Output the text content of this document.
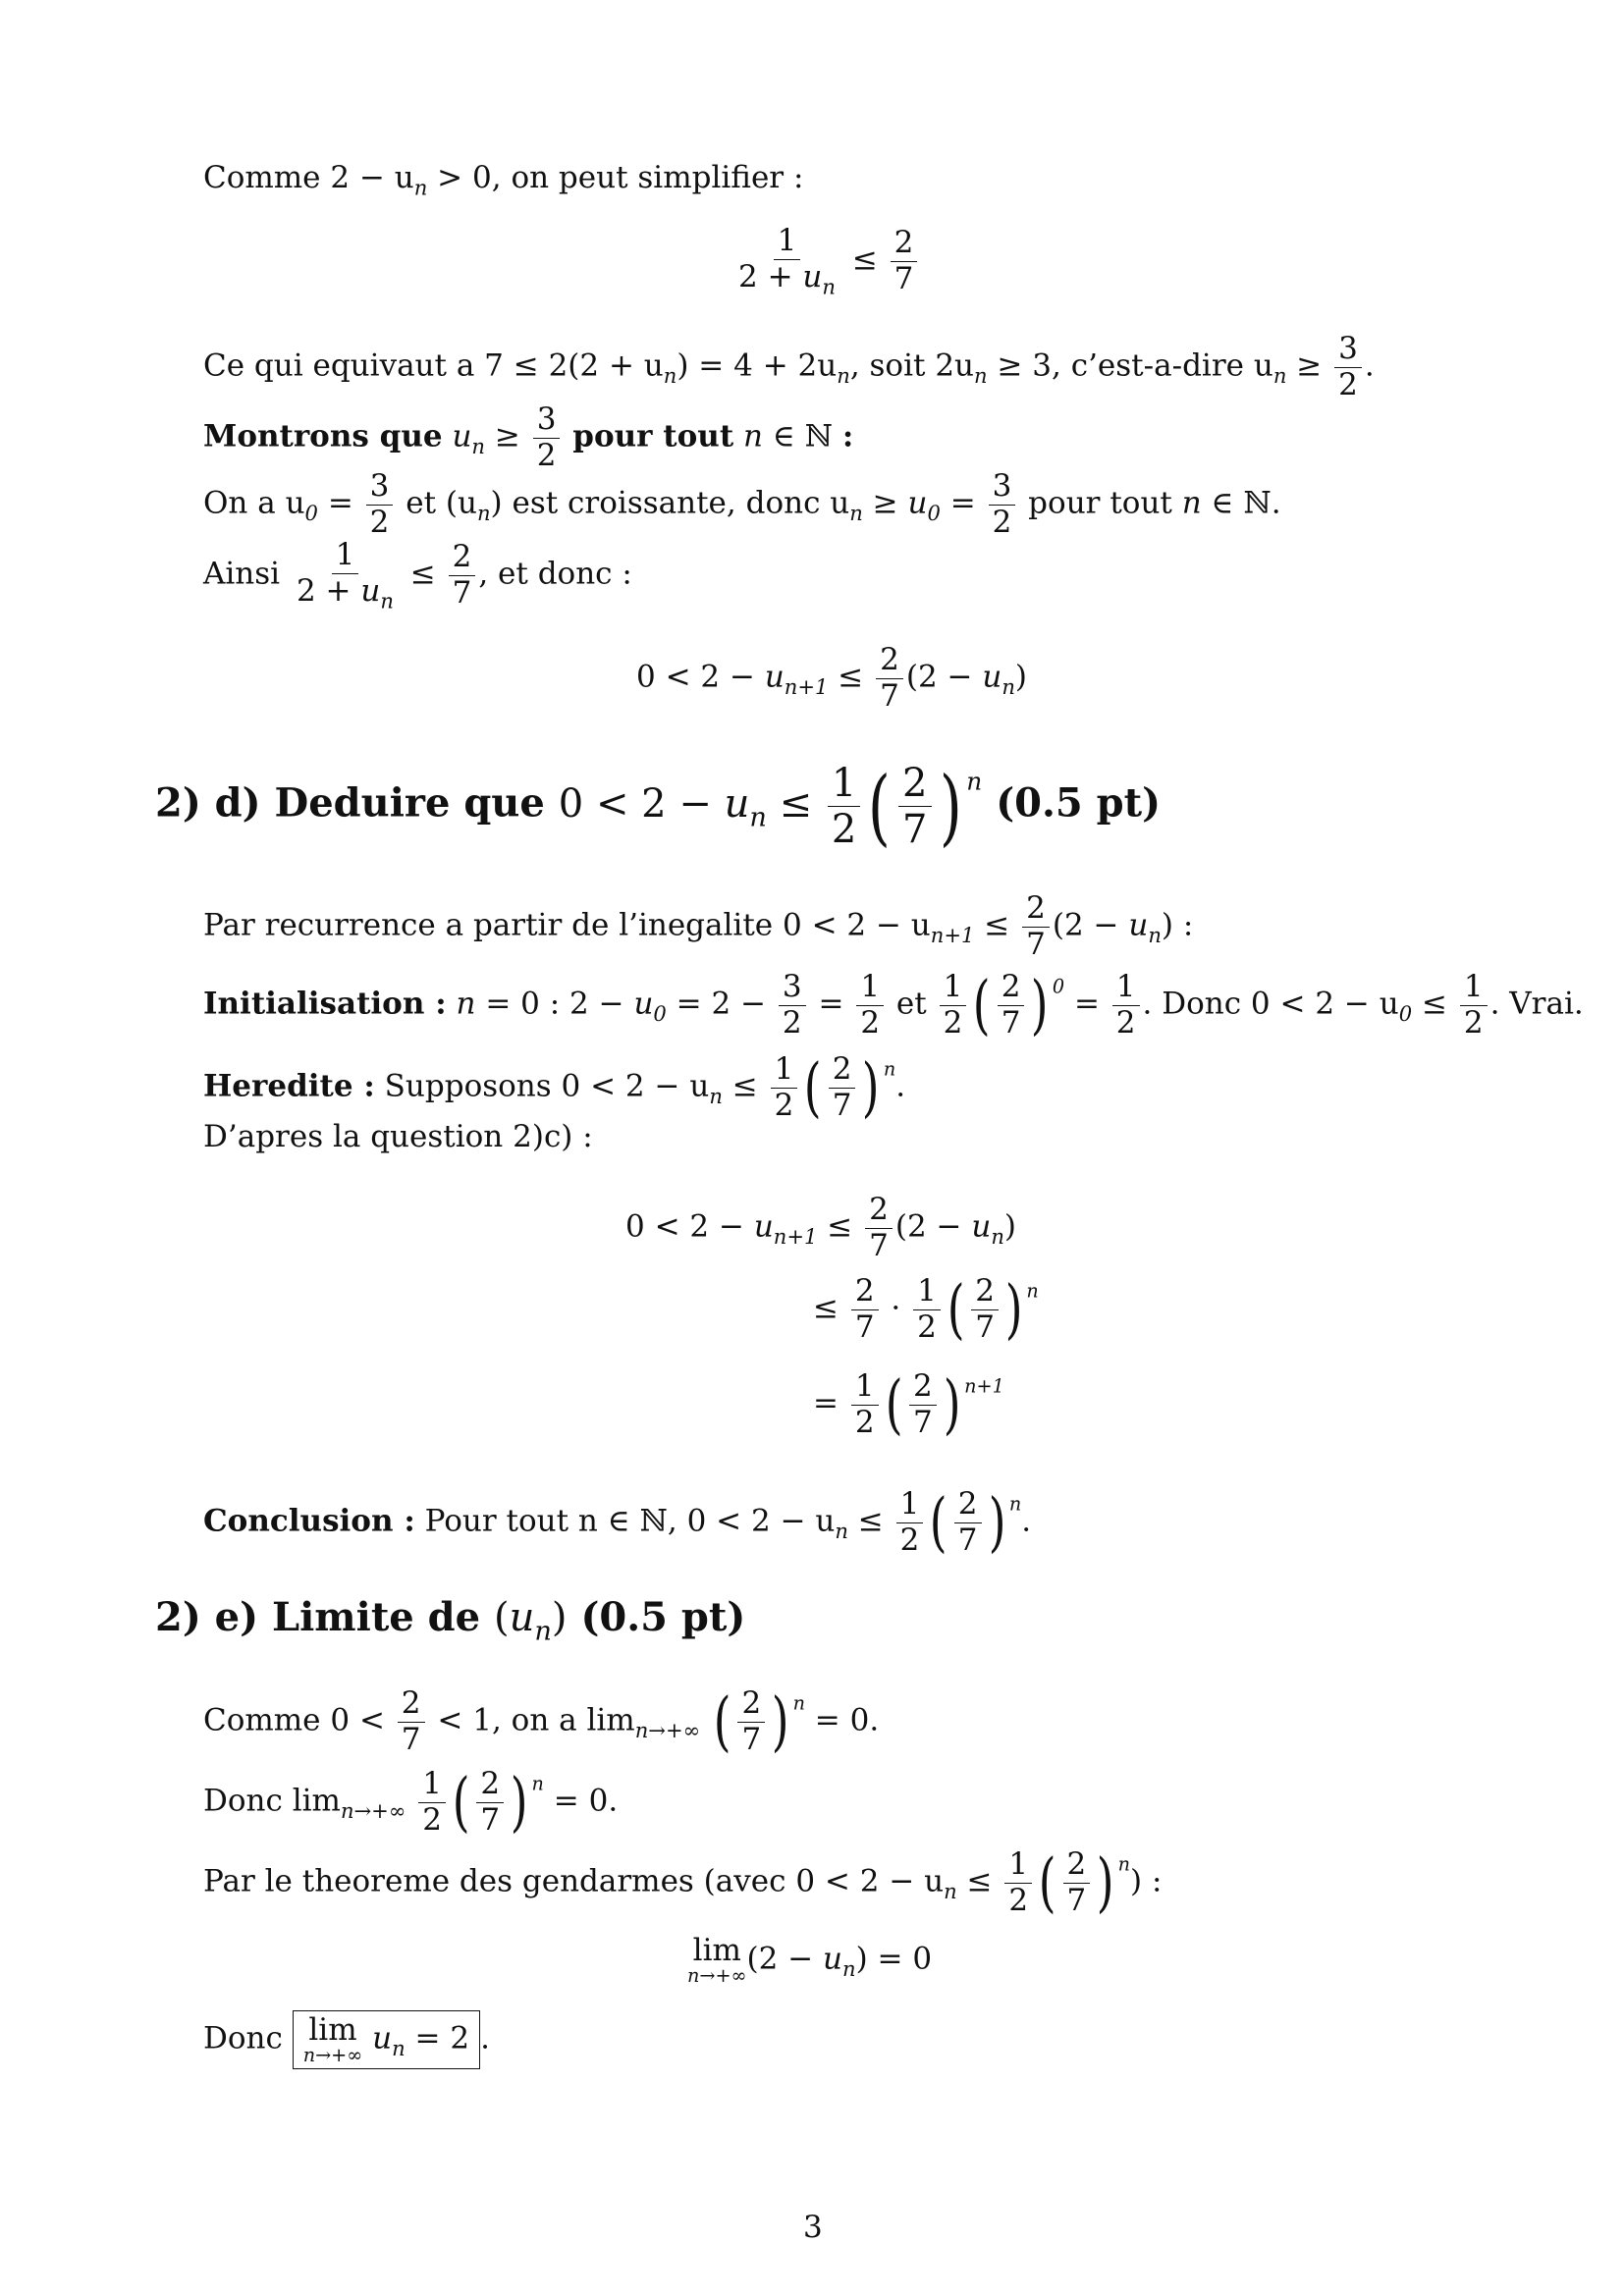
Comme $2 - u_n > 0$, on peut simplifier :
$\frac{1}{2 + u_n} \le \frac{2}{7}$
Ce qui equivaut a $7 \le 2(2 + u_n) = 4 + 2u_n$, soit $2u_n \ge 3$, c’est-a-dire $u_n \ge \frac{3}{2}$ .
Montrons que $u_n \ge \frac{3}{2}$ pour tout n ∈ ℕ :
On a $u_0 = \frac{3}{2}$ et $(u_n)$ est croissante, donc $u_n \ge u_0 = \frac{3}{2}$ pour tout n ∈ ℕ.
Ainsi $\frac{1}{2 + u_n} \le \frac{2}{7}$ , et donc :
$0 < 2 - u_{n+1} \le \frac{2}{7} (2 - u_n)$
2) d) Deduire que $0 < 2 - u_n \le \frac{1}{2}$ ( $\frac{2}{7}$ ) $^n$ (0.5 pt)
Par recurrence a partir de l’inegalite $0 < 2 - u_{n+1} \le \frac{2}{7} (2 - u_n)$ :
Initialisation : n = 0 : $2 - u_0 = 2 - \frac{3}{2} = \frac{1}{2}$ et $\frac{1}{2}$ ( $\frac{2}{7}$ ) $^0 = \frac{1}{2}$ . Donc $0 < 2 - u_0 \le \frac{1}{2}$ . Vrai.
Heredite : Supposons $0 < 2 - u_n \le \frac{1}{2}$ ( $\frac{2}{7}$ ) $^n$.
D’apres la question 2)c) :
$0 < 2 - u_{n+1} \le \frac{2}{7} (2 - u_n)$
≤ $\frac{2}{7} \cdot \frac{1}{2}$ ( $\frac{2}{7}$ ) $^n$
= $\frac{1}{2}$ ( $\frac{2}{7}$ ) $^{n+1}$
Conclusion : Pour tout n ∈ ℕ, $0 < 2 - u_n \le \frac{1}{2}$ ( $\frac{2}{7}$ ) $^n$.
2) e) Limite de $(u_n)$ (0.5 pt)
Comme $0 < \frac{2}{7} < 1$, on a $\lim_{n\to+\infty}$ ( $\frac{2}{7}$ ) $^n$ = 0.
Donc $\lim_{n\to+\infty} \frac{1}{2}$ ( $\frac{2}{7}$ ) $^n$ = 0.
Par le theoreme des gendarmes (avec $0 < 2 - u_n \le \frac{1}{2}$ ( $\frac{2}{7}$ ) $^n$) :
lim
n→+∞ $(2 - u_n) = 0$
Donc lim
n→+∞ $u_n = 2$ .
3
